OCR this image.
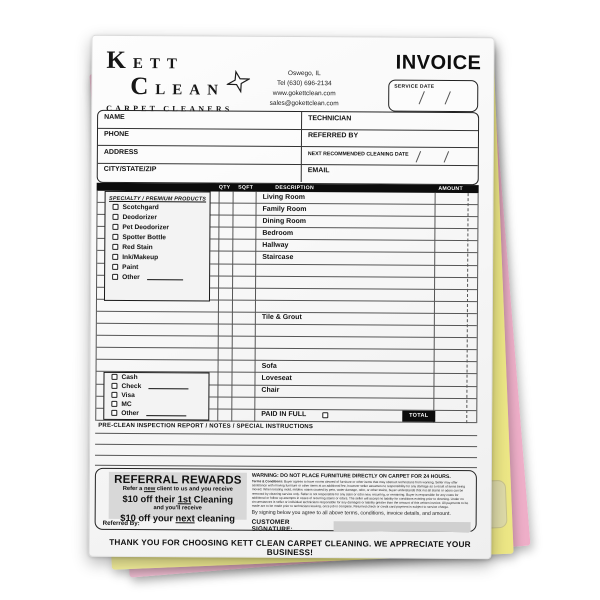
KETT
CLEAN
CARPET CLEANERS
Oswego, IL
Tel (630) 696-2134
www.gokettclean.com
sales@gokettclean.com
INVOICE
SERVICE DATE
NAME	TECHNICIAN
PHONE	REFERRED BY
ADDRESS	NEXT RECOMMENDED CLEANING DATE
CITY/STATE/ZIP	EMAIL
QTY	SQFT	DESCRIPTION	AMOUNT
SPECIALTY / PREMIUM PRODUCTS
Scotchgard
Deodorizer
Pet Deodorizer
Spotter Bottle
Red Stain
Ink/Makeup
Paint
Other
Cash
Check
Visa
MC
Other
Living Room
Family Room
Dining Room
Bedroom
Hallway
Staircase
Tile & Grout
Sofa
Loveseat
Chair
PAID IN FULL	TOTAL
PRE-CLEAN INSPECTION REPORT / NOTES / SPECIAL INSTRUCTIONS
REFERRAL REWARDS
Refer a new client to us and you receive
$10 off their 1st Cleaning
and you'll receive
$10 off your next cleaning
Referred By:
WARNING: DO NOT PLACE FURNITURE DIRECTLY ON CARPET FOR 24 HOURS.
Terms & Conditions: Buyer agrees to have rooms cleared of furniture or other items that may obstruct technicians from working. Seller may offer assistance with moving furniture or other items at an additional fee, however seller assumes no responsibility for any damage as a result of items being moved. When treating mold, mildew, stains caused by pets, water damage, odor, or other stains, buyer understands that not all stains or odors can be removed by cleaning service only. Seller is not responsible for any stain or odor new, recurring, or remaining. Buyer is responsible for any costs for additional or follow up attempts in cases of recurring stains or odors. The seller will accept no liability for conditions existing prior to cleaning. Under no circumstances is seller or individual technicians responsible for any damages or liability greater than the amount of this written invoice. All payments to be made are to be made prior to technicians leaving, once job is complete. Returned check or credit card payment is subject to service charge.
By signing below you agree to all above terms, conditions, invoice details, and amount.
CUSTOMER SIGNATURE:
THANK YOU FOR CHOOSING KETT CLEAN CARPET CLEANING. WE APPRECIATE YOUR BUSINESS!
